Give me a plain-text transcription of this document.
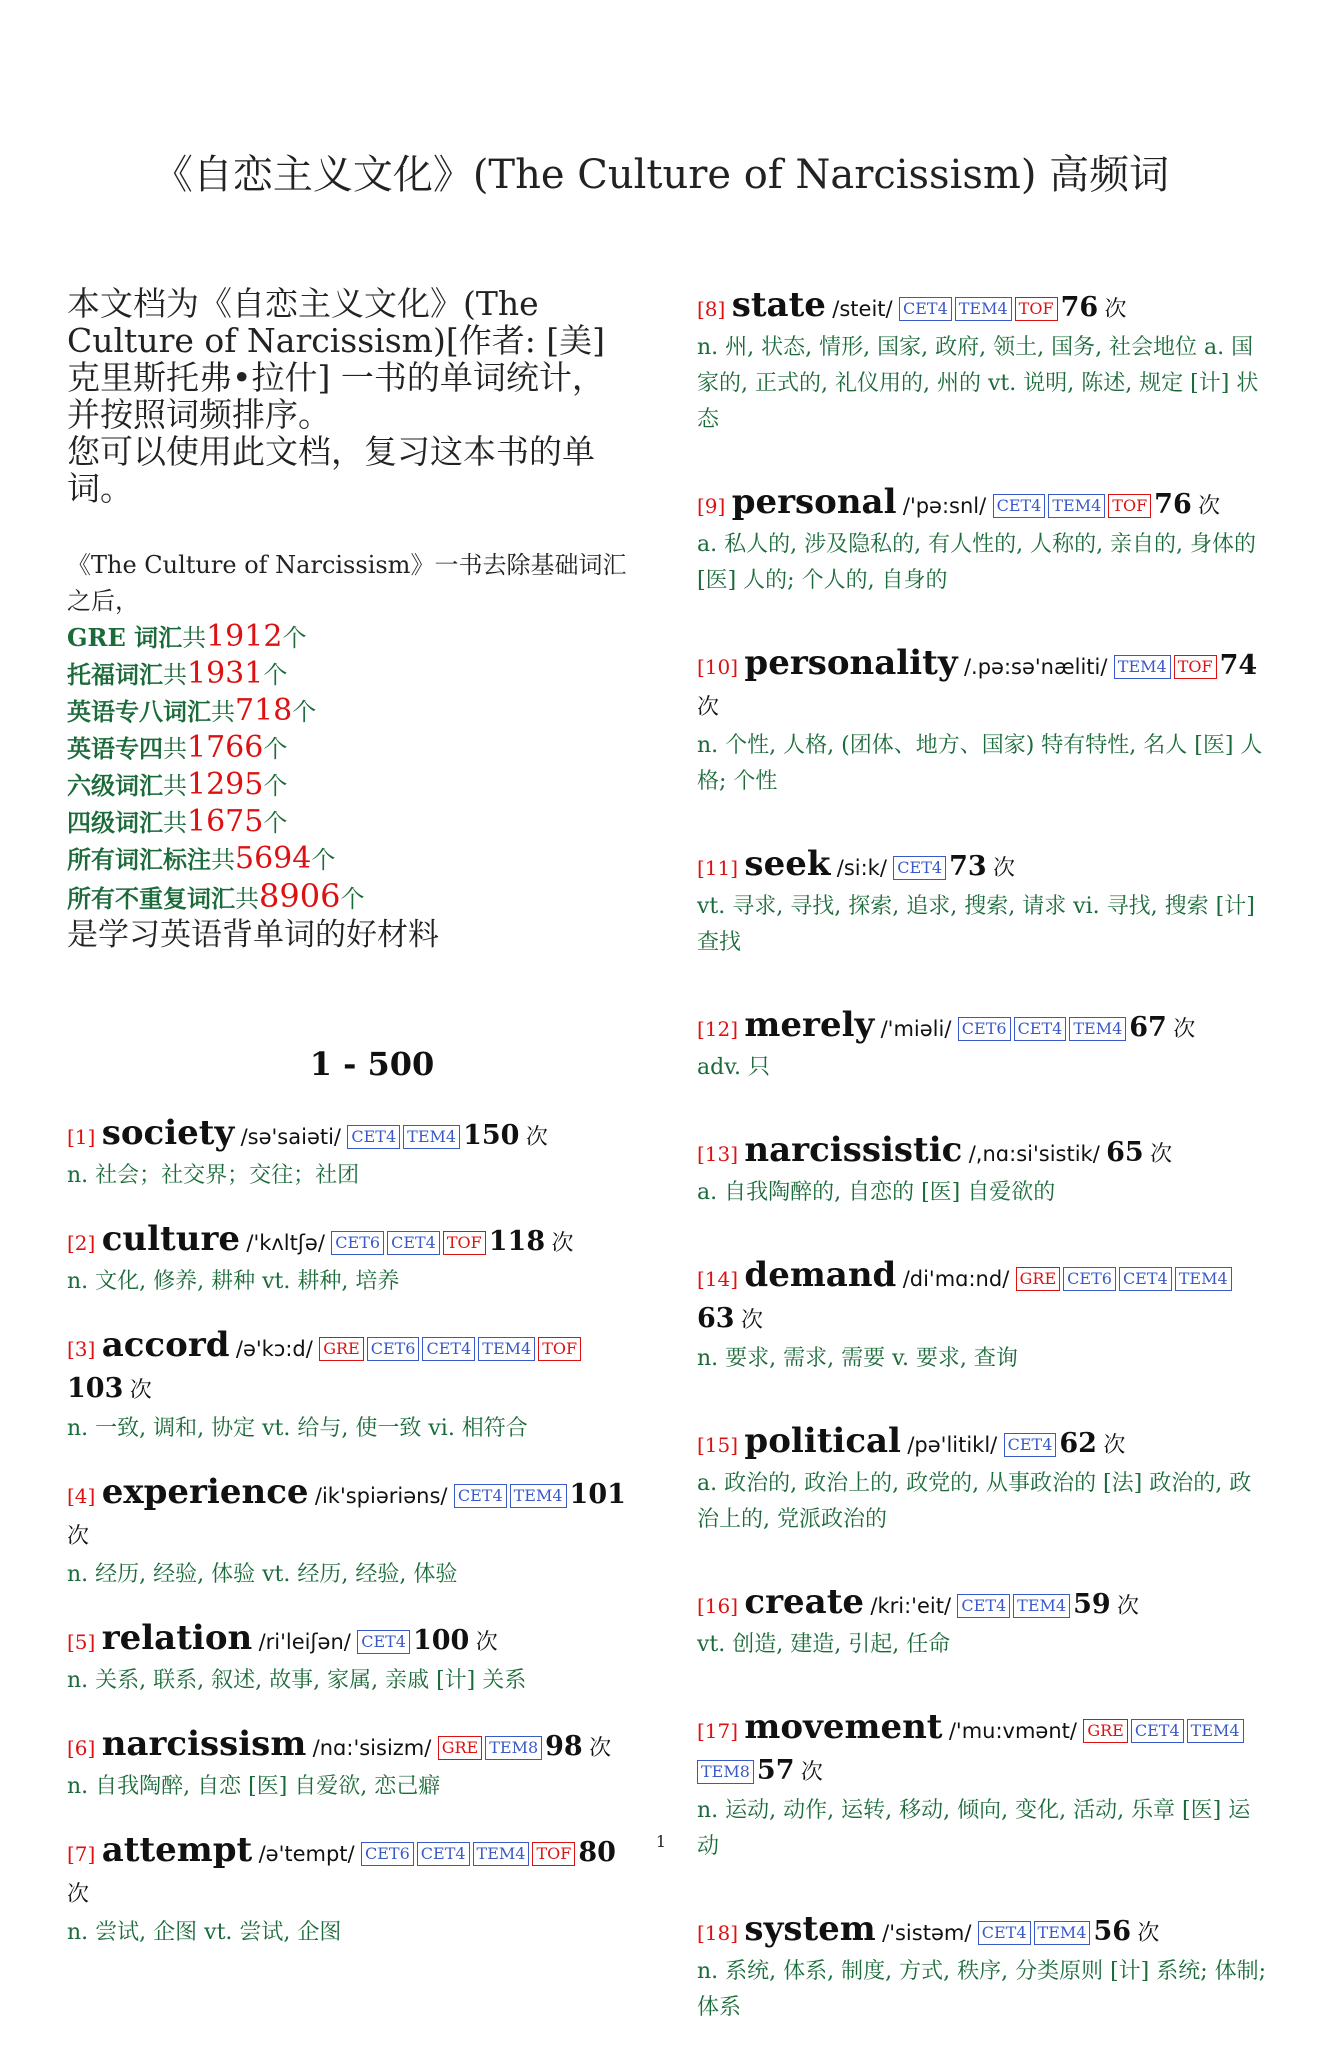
《自恋主义文化》(The Culture of Narcissism) 高频词

本文档为《自恋主义文化》(The Culture of Narcissism)[作者: [美] 克里斯托弗•拉什] 一书的单词统计，并按照词频排序。

您可以使用此文档，复习这本书的单词。

《The Culture of Narcissism》一书去除基础词汇之后，
GRE 词汇共1912个
托福词汇共1931个
英语专八词汇共718个
英语专四共1766个
六级词汇共1295个
四级词汇共1675个
所有词汇标注共5694个
所有不重复词汇共8906个
是学习英语背单词的好材料
1 - 500
[1] society /sə'saiəti/ CET4 TEM4 150 次
n. 社会；社交界；交往；社团
[2] culture /'kʌltʃə/ CET6 CET4 TOF 118 次
n. 文化, 修养, 耕种 vt. 耕种, 培养
[3] accord /ə'kɔ:d/ GRE CET6 CET4 TEM4 TOF103 次
n. 一致, 调和, 协定 vt. 给与, 使一致 vi. 相符合
[4] experience /ik'spiəriəns/ CET4 TEM4 101 次
n. 经历, 经验, 体验 vt. 经历, 经验, 体验
[5] relation /ri'leiʃən/ CET4 100 次
n. 关系, 联系, 叙述, 故事, 家属, 亲戚 [计] 关系
[6] narcissism /nɑ:'sisizm/ GRE TEM8 98 次
n. 自我陶醉, 自恋 [医] 自爱欲, 恋己癖
[7] attempt /ə'tempt/ CET6 CET4 TEM4 TOF 80 次
n. 尝试, 企图 vt. 尝试, 企图
[8] state /steit/ CET4 TEM4 TOF 76 次
n. 州, 状态, 情形, 国家, 政府, 领土, 国务, 社会地位 a. 国家的, 正式的, 礼仪用的, 州的 vt. 说明, 陈述, 规定 [计] 状态
[9] personal /'pə:snl/ CET4 TEM4 TOF 76 次
a. 私人的, 涉及隐私的, 有人性的, 人称的, 亲自的, 身体的 [医] 人的; 个人的, 自身的
[10] personality /.pə:sə'næliti/ TEM4 TOF 74 次
n. 个性, 人格, (团体、地方、国家) 特有特性, 名人 [医] 人格; 个性
[11] seek /si:k/ CET4 73 次
vt. 寻求, 寻找, 探索, 追求, 搜索, 请求 vi. 寻找, 搜索 [计] 查找
[12] merely /'miəli/ CET6 CET4 TEM4 67 次
adv. 只
[13] narcissistic /,nɑ:si'sistik/ 65 次
a. 自我陶醉的, 自恋的 [医] 自爱欲的
[14] demand /di'mɑ:nd/ GRE CET6 CET4 TEM463 次
n. 要求, 需求, 需要 v. 要求, 查询
[15] political /pə'litikl/ CET4 62 次
a. 政治的, 政治上的, 政党的, 从事政治的 [法] 政治的, 政治上的, 党派政治的
[16] create /kri:'eit/ CET4 TEM4 59 次
vt. 创造, 建造, 引起, 任命
[17] movement /'mu:vmənt/ GRE CET4 TEM4TEM8 57 次
n. 运动, 动作, 运转, 移动, 倾向, 变化, 活动, 乐章 [医] 运动
[18] system /'sistəm/ CET4 TEM4 56 次
n. 系统, 体系, 制度, 方式, 秩序, 分类原则 [计] 系统; 体制; 体系
1
